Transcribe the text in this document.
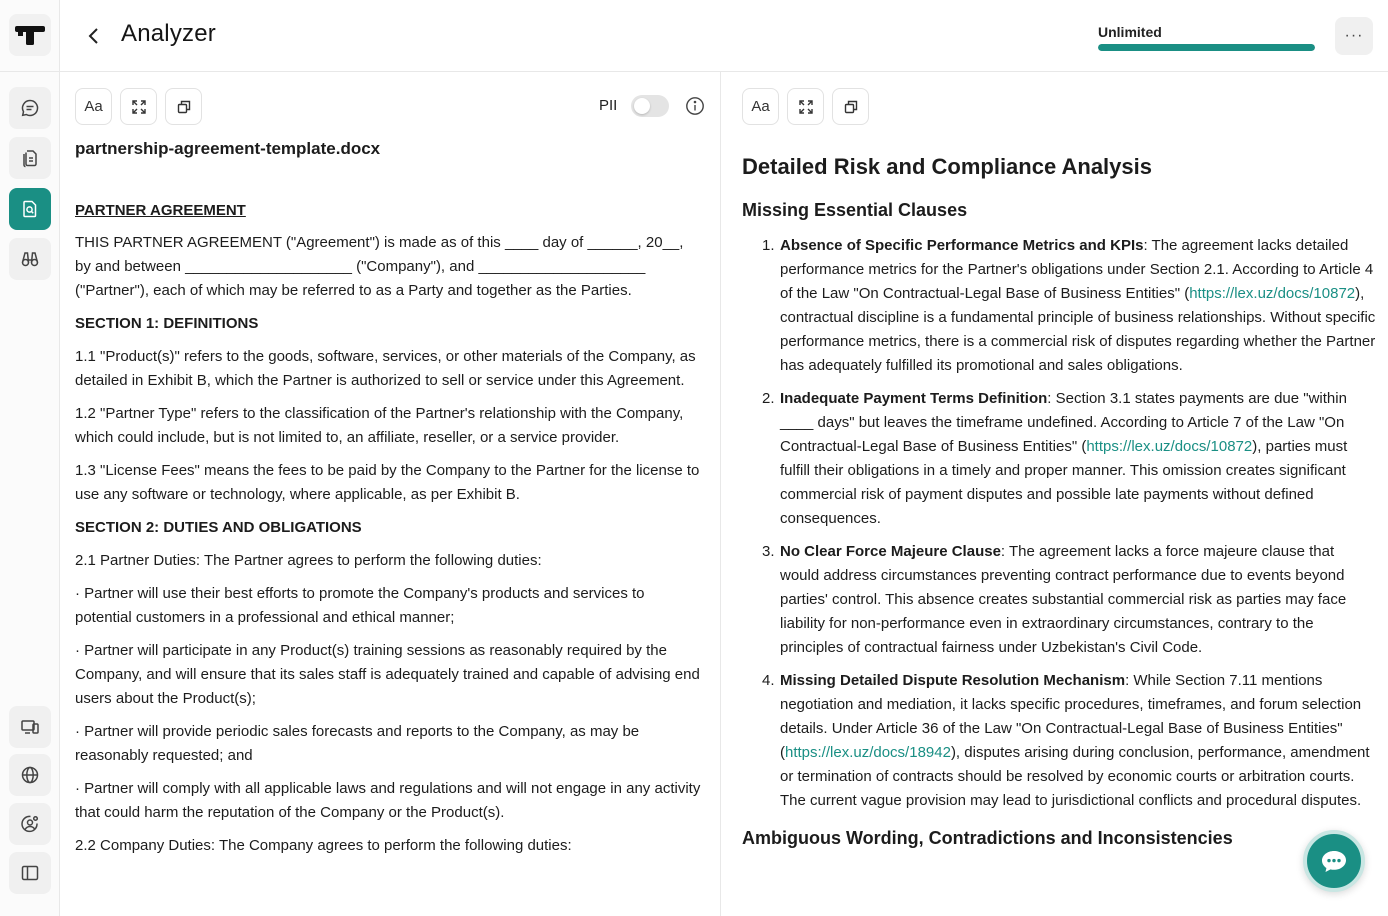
Analyzer	Unlimited	···
Aa	PII
partnership-agreement-template.docx

PARTNER AGREEMENT

THIS PARTNER AGREEMENT ("Agreement") is made as of this ____ day of ______, 20__, by and between ____________________ ("Company"), and ____________________ ("Partner"), each of which may be referred to as a Party and together as the Parties.

SECTION 1: DEFINITIONS

1.1 "Product(s)" refers to the goods, software, services, or other materials of the Company, as detailed in Exhibit B, which the Partner is authorized to sell or service under this Agreement.

1.2 "Partner Type" refers to the classification of the Partner's relationship with the Company, which could include, but is not limited to, an affiliate, reseller, or a service provider.

1.3 "License Fees" means the fees to be paid by the Company to the Partner for the license to use any software or technology, where applicable, as per Exhibit B.

SECTION 2: DUTIES AND OBLIGATIONS

2.1 Partner Duties: The Partner agrees to perform the following duties:

· Partner will use their best efforts to promote the Company's products and services to potential customers in a professional and ethical manner;

· Partner will participate in any Product(s) training sessions as reasonably required by the Company, and will ensure that its sales staff is adequately trained and capable of advising end users about the Product(s);

· Partner will provide periodic sales forecasts and reports to the Company, as may be reasonably requested; and

· Partner will comply with all applicable laws and regulations and will not engage in any activity that could harm the reputation of the Company or the Product(s).

2.2 Company Duties: The Company agrees to perform the following duties:

Aa
Detailed Risk and Compliance Analysis
Missing Essential Clauses
1. Absence of Specific Performance Metrics and KPIs: The agreement lacks detailed performance metrics for the Partner's obligations under Section 2.1. According to Article 4 of the Law "On Contractual-Legal Base of Business Entities" (https://lex.uz/docs/10872), contractual discipline is a fundamental principle of business relationships. Without specific performance metrics, there is a commercial risk of disputes regarding whether the Partner has adequately fulfilled its promotional and sales obligations.
2. Inadequate Payment Terms Definition: Section 3.1 states payments are due "within ____ days" but leaves the timeframe undefined. According to Article 7 of the Law "On Contractual-Legal Base of Business Entities" (https://lex.uz/docs/10872), parties must fulfill their obligations in a timely and proper manner. This omission creates significant commercial risk of payment disputes and possible late payments without defined consequences.
3. No Clear Force Majeure Clause: The agreement lacks a force majeure clause that would address circumstances preventing contract performance due to events beyond parties' control. This absence creates substantial commercial risk as parties may face liability for non-performance even in extraordinary circumstances, contrary to the principles of contractual fairness under Uzbekistan's Civil Code.
4. Missing Detailed Dispute Resolution Mechanism: While Section 7.11 mentions negotiation and mediation, it lacks specific procedures, timeframes, and forum selection details. Under Article 36 of the Law "On Contractual-Legal Base of Business Entities" (https://lex.uz/docs/18942), disputes arising during conclusion, performance, amendment or termination of contracts should be resolved by economic courts or arbitration courts. The current vague provision may lead to jurisdictional conflicts and procedural disputes.
Ambiguous Wording, Contradictions and Inconsistencies
